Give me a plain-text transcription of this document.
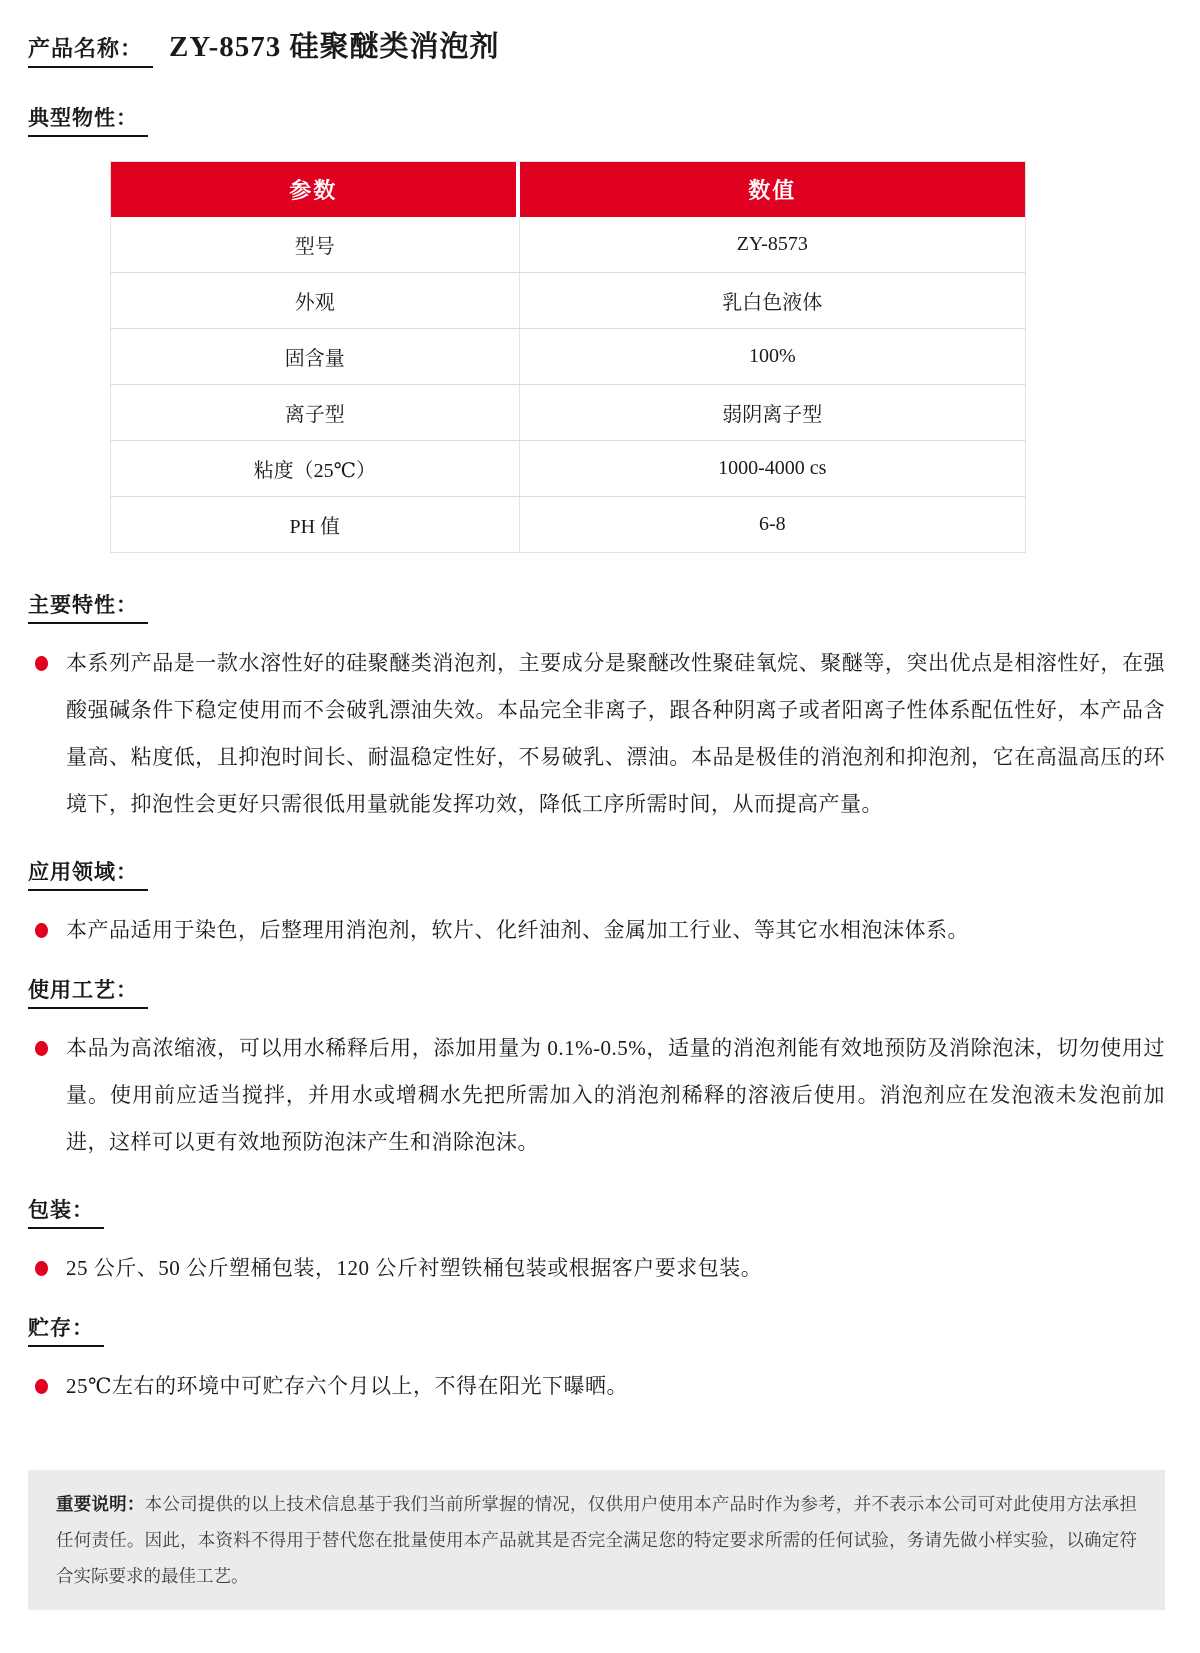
产品名称： ZY-8573 硅聚醚类消泡剂
典型物性：
参数	数值
型号	ZY-8573
外观	乳白色液体
固含量	100%
离子型	弱阴离子型
粘度（25℃）	1000-4000 cs
PH 值	6-8
主要特性：

本系列产品是一款水溶性好的硅聚醚类消泡剂，主要成分是聚醚改性聚硅氧烷、聚醚等，突出优点是相溶性好，在强酸强碱条件下稳定使用而不会破乳漂油失效。本品完全非离子，跟各种阴离子或者阳离子性体系配伍性好，本产品含量高、粘度低，且抑泡时间长、耐温稳定性好，不易破乳、漂油。本品是极佳的消泡剂和抑泡剂，它在高温高压的环境下，抑泡性会更好只需很低用量就能发挥功效，降低工序所需时间，从而提高产量。

应用领域：

本产品适用于染色，后整理用消泡剂，软片、化纤油剂、金属加工行业、等其它水相泡沫体系。

使用工艺：

本品为高浓缩液，可以用水稀释后用，添加用量为 0.1%-0.5%，适量的消泡剂能有效地预防及消除泡沫，切勿使用过量。使用前应适当搅拌，并用水或增稠水先把所需加入的消泡剂稀释的溶液后使用。消泡剂应在发泡液未发泡前加进，这样可以更有效地预防泡沫产生和消除泡沫。

包装：

25 公斤、50 公斤塑桶包装，120 公斤衬塑铁桶包装或根据客户要求包装。

贮存：

25℃左右的环境中可贮存六个月以上，不得在阳光下曝晒。

重要说明：本公司提供的以上技术信息基于我们当前所掌握的情况，仅供用户使用本产品时作为参考，并不表示本公司可对此使用方法承担任何责任。因此，本资料不得用于替代您在批量使用本产品就其是否完全满足您的特定要求所需的任何试验，务请先做小样实验，以确定符合实际要求的最佳工艺。
